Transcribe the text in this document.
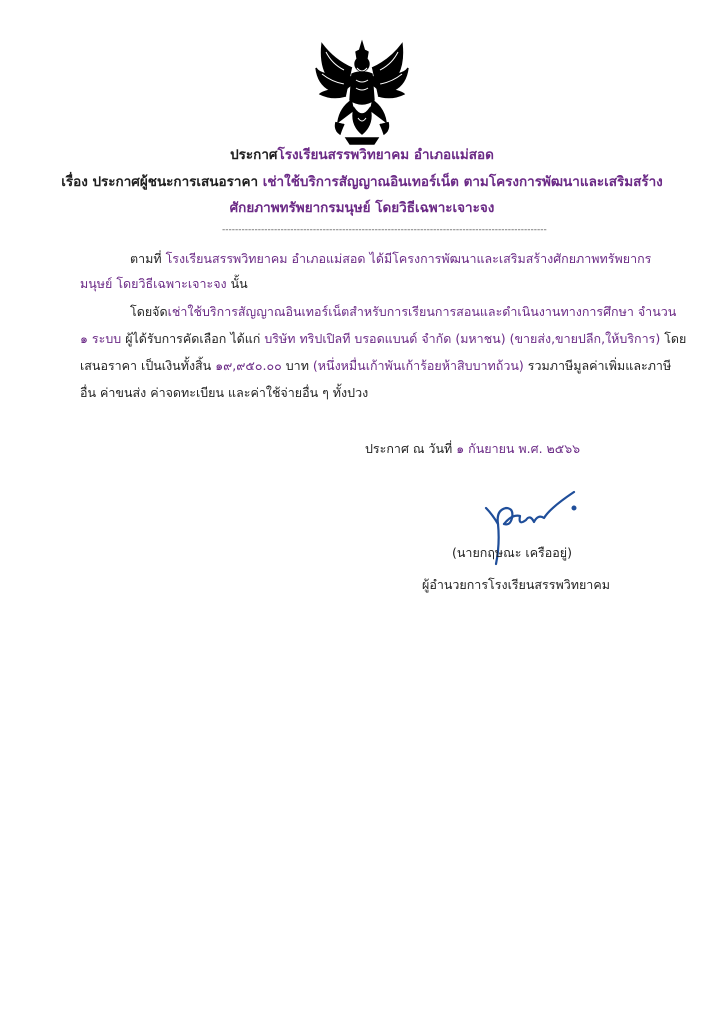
ประกาศโรงเรียนสรรพวิทยาคม อำเภอแม่สอด
เรื่อง ประกาศผู้ชนะการเสนอราคา เช่าใช้บริการสัญญาณอินเทอร์เน็ต ตามโครงการพัฒนาและเสริมสร้าง
ศักยภาพทรัพยากรมนุษย์ โดยวิธีเฉพาะเจาะจง
----------------------------------------------------------------------------------------------------
ตามที่ โรงเรียนสรรพวิทยาคม อำเภอแม่สอด ได้มีโครงการพัฒนาและเสริมสร้างศักยภาพทรัพยากร
มนุษย์ โดยวิธีเฉพาะเจาะจง นั้น
โดยจัดเช่าใช้บริการสัญญาณอินเทอร์เน็ตสำหรับการเรียนการสอนและดำเนินงานทางการศึกษา จำนวน
๑ ระบบ ผู้ได้รับการคัดเลือก ได้แก่ บริษัท ทริปเปิลที บรอดแบนด์ จำกัด (มหาชน) (ขายส่ง,ขายปลีก,ให้บริการ) โดย
เสนอราคา เป็นเงินทั้งสิ้น ๑๙,๙๕๐.๐๐ บาท (หนึ่งหมื่นเก้าพันเก้าร้อยห้าสิบบาทถ้วน) รวมภาษีมูลค่าเพิ่มและภาษี
อื่น ค่าขนส่ง ค่าจดทะเบียน และค่าใช้จ่ายอื่น ๆ ทั้งปวง
ประกาศ ณ วันที่ ๑ กันยายน พ.ศ. ๒๕๖๖
(นายกฤษณะ เครืออยู่)
ผู้อำนวยการโรงเรียนสรรพวิทยาคม
